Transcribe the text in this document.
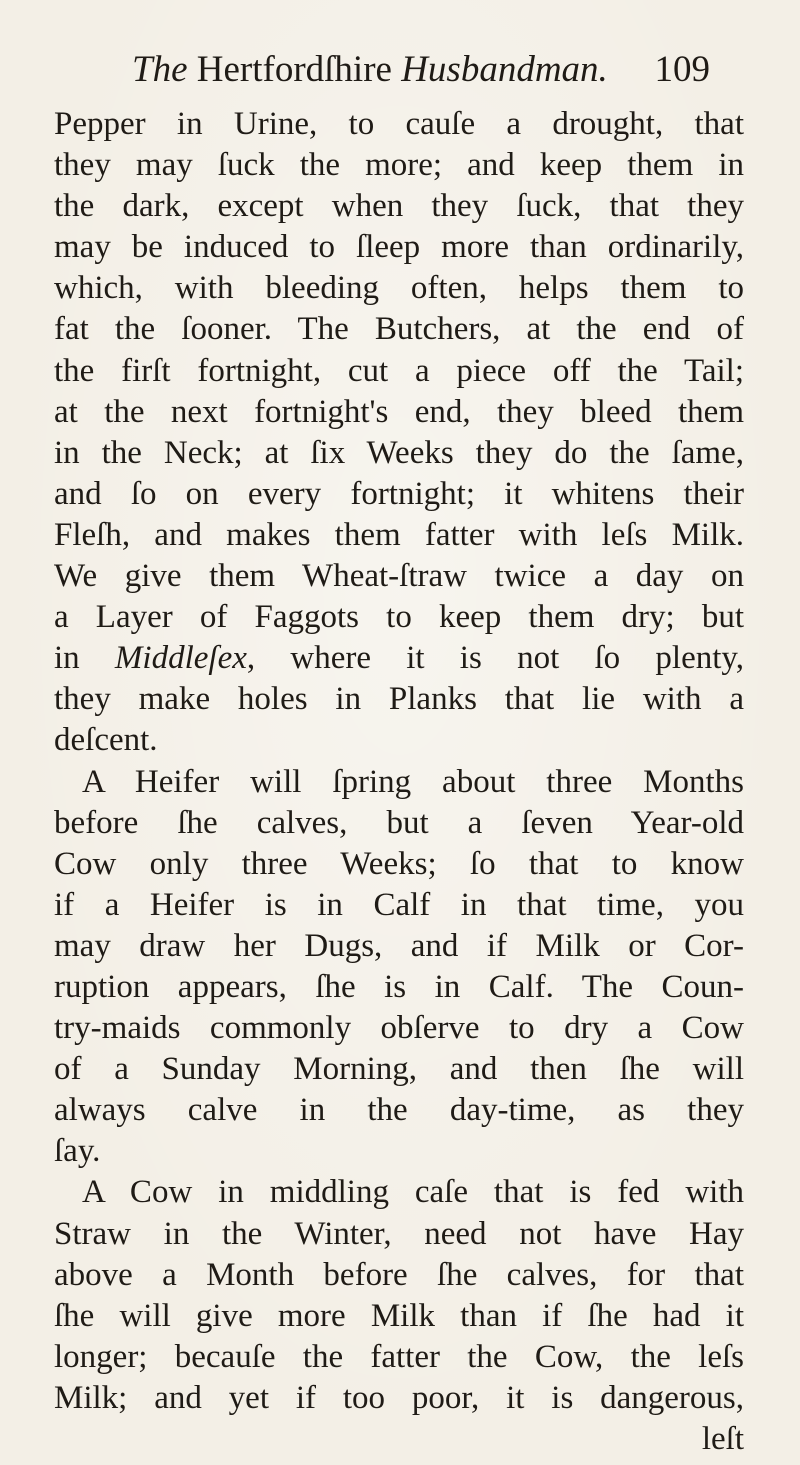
The Hertfordſhire Husbandman. 109
Pepper in Urine, to cauſe a drought, that
they may ſuck the more; and keep them in
the dark, except when they ſuck, that they
may be induced to ſleep more than ordinarily,
which, with bleeding often, helps them to
fat the ſooner. The Butchers, at the end of
the firſt fortnight, cut a piece off the Tail;
at the next fortnight's end, they bleed them
in the Neck; at ſix Weeks they do the ſame,
and ſo on every fortnight; it whitens their
Fleſh, and makes them fatter with leſs Milk.
We give them Wheat-ſtraw twice a day on
a Layer of Faggots to keep them dry; but
in Middleſex, where it is not ſo plenty,
they make holes in Planks that lie with a
deſcent.
A Heifer will ſpring about three Months
before ſhe calves, but a ſeven Year-old
Cow only three Weeks; ſo that to know
if a Heifer is in Calf in that time, you
may draw her Dugs, and if Milk or Cor-
ruption appears, ſhe is in Calf. The Coun-
try-maids commonly obſerve to dry a Cow
of a Sunday Morning, and then ſhe will
always calve in the day-time, as they
ſay.
A Cow in middling caſe that is fed with
Straw in the Winter, need not have Hay
above a Month before ſhe calves, for that
ſhe will give more Milk than if ſhe had it
longer; becauſe the fatter the Cow, the leſs
Milk; and yet if too poor, it is dangerous,
leſt
